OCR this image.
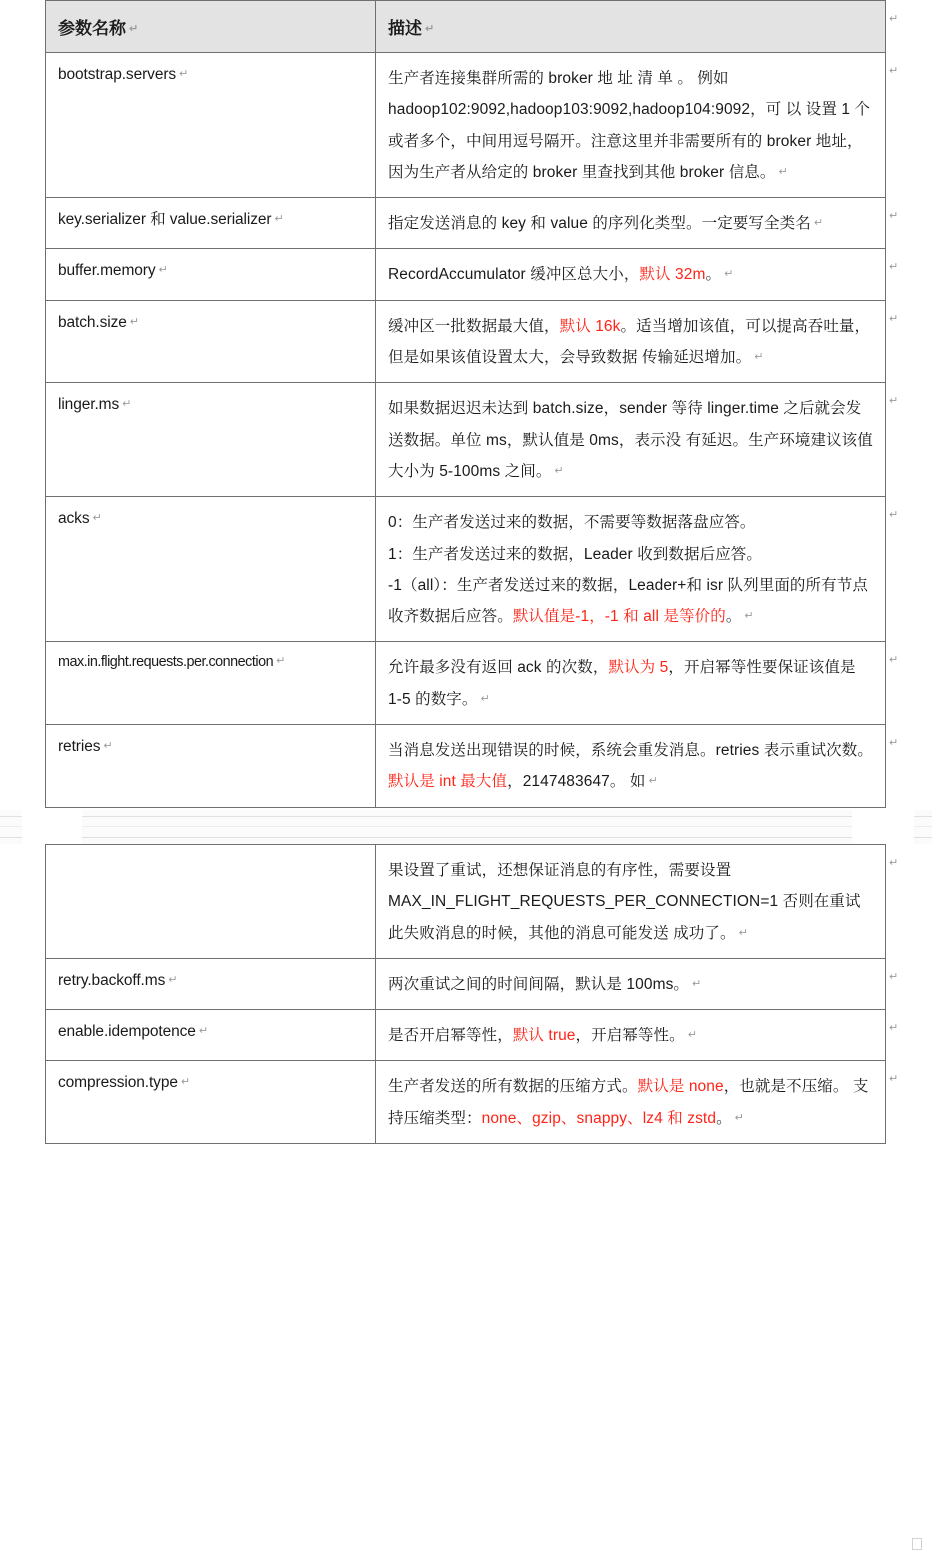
参数名称 ↵	描述 ↵

bootstrap.servers ↵	生产者连接集群所需的 broker 地 址 清 单 。 例如 hadoop102:9092,hadoop103:9092,hadoop104:9092，可 以 设置 1 个或者多个，中间用逗号隔开。注意这里并非需要所有的 broker 地址，因为生产者从给定的 broker 里查找到其他 broker 信息。 ↵

key.serializer 和 value.serializer ↵	指定发送消息的 key 和 value 的序列化类型。一定要写全类名 ↵

buffer.memory ↵	RecordAccumulator 缓冲区总大小，默认 32m。 ↵

batch.size ↵	缓冲区一批数据最大值，默认 16k。适当增加该值，可以提高吞吐量，但是如果该值设置太大，会导致数据 传输延迟增加。 ↵

linger.ms ↵	如果数据迟迟未达到 batch.size，sender 等待 linger.time 之后就会发送数据。单位 ms，默认值是 0ms，表示没 有延迟。生产环境建议该值大小为 5-100ms 之间。 ↵

acks ↵	0：生产者发送过来的数据，不需要等数据落盘应答。
1：生产者发送过来的数据，Leader 收到数据后应答。
-1（all）：生产者发送过来的数据，Leader+和 isr 队列里面的所有节点收齐数据后应答。默认值是-1，-1 和 all 是等价的。 ↵

max.in.flight.requests.per.connection ↵	允许最多没有返回 ack 的次数，默认为 5，开启幂等性要保证该值是 1-5 的数字。 ↵

retries ↵	当消息发送出现错误的时候，系统会重发消息。retries 表示重试次数。默认是 int 最大值，2147483647。 如 ↵

	果设置了重试，还想保证消息的有序性，需要设置 MAX_IN_FLIGHT_REQUESTS_PER_CONNECTION=1 否则在重试此失败消息的时候，其他的消息可能发送 成功了。 ↵

retry.backoff.ms ↵	两次重试之间的时间间隔，默认是 100ms。 ↵

enable.idempotence ↵	是否开启幂等性，默认 true，开启幂等性。 ↵

compression.type ↵	生产者发送的所有数据的压缩方式。默认是 none，也就是不压缩。 支持压缩类型：none、gzip、snappy、lz4 和 zstd。 ↵
↵
↵
↵
↵
↵
↵
↵
↵
↵
↵
↵
↵
↵
